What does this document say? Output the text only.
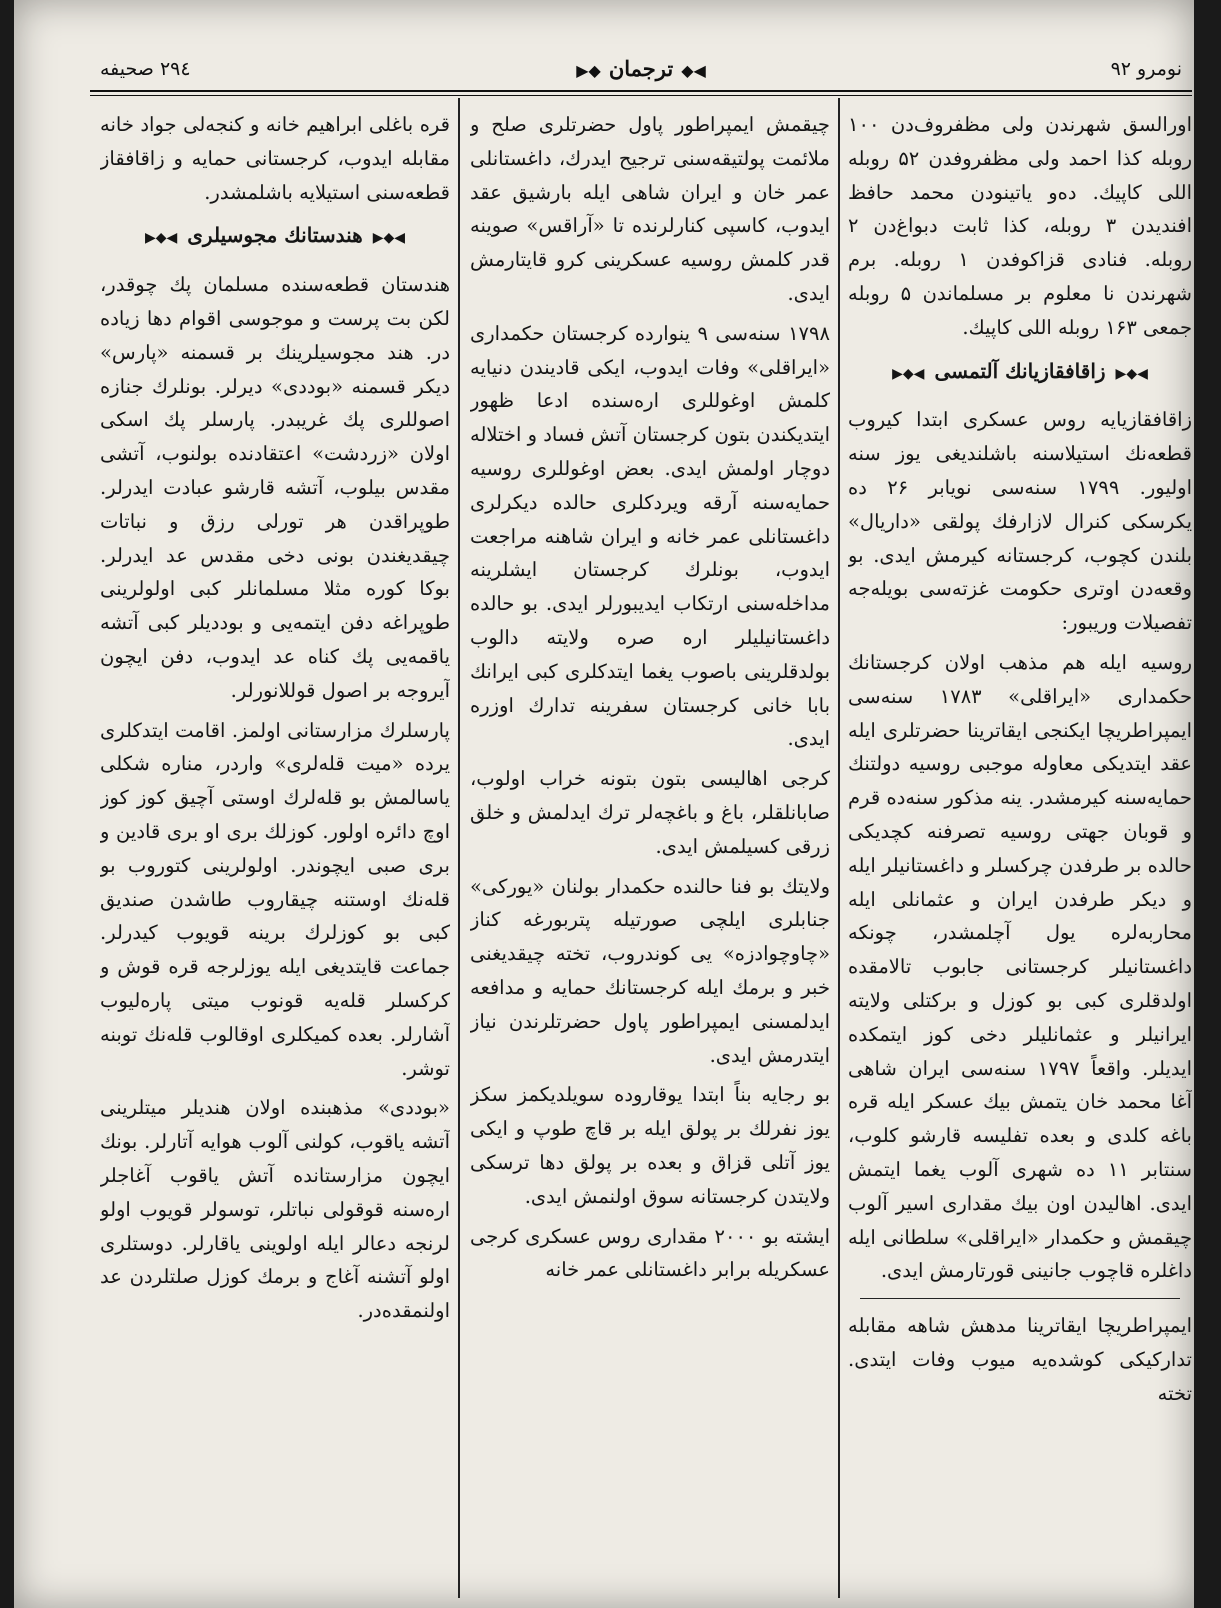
نومرو ۹۲
◀◆ترجمان◆▶
۲۹٤ صحیفه

اورالسق شهرندن ولی مظفروف‌دن ۱۰۰ روبله کذا احمد ولی مظفروفدن ۵۲ روبله اللی کاپیك. ده‌و یاتینودن محمد حافظ افندیدن ۳ روبله، کذا ثابت دبواغ‌دن ۲ روبله. فنادی قزاکوفدن ۱ روبله. برم شهرندن نا معلوم بر مسلماندن ۵ روبله جمعی ۱۶۳ روبله اللی کاپیك.

◀◆▶زاقافقازیانك آلتمسی◀◆▶

زاقافقازیایه روس عسکری ابتدا کیروب قطعه‌نك استیلاسنه باشلندیغی یوز سنه اولیور. ۱۷۹۹ سنه‌سی نویابر ۲۶ ده یکرسکی کنرال لازارفك پولقی «داریال» بلندن کچوب، کرجستانه کیرمش ایدی. بو وقعه‌دن اوتری حکومت غزته‌سی بویله‌جه تفصیلات وریبور:

روسیه ایله هم مذهب اولان کرجستانك حکمداری «ایراقلی» ۱۷۸۳ سنه‌سی ایمپراطریچا ایکنجی ایقاترینا حضرتلری ایله عقد ایتدیکی معاوله موجبی روسیه دولتنك حمایه‌سنه کیرمشدر. ینه مذکور سنه‌ده قرم و قوبان جهتی روسیه تصرفنه کچدیکی حالده بر طرفدن چرکسلر و داغستانیلر ایله و دیکر طرفدن ایران و عثمانلی ایله محاربه‌لره یول آچلمشدر، چونکه داغستانیلر کرجستانی جابوب تالامقده اولدقلری کبی بو کوزل و برکتلی ولایته ایرانیلر و عثمانلیلر دخی کوز ایتمکده ایدیلر. واقعاً ۱۷۹۷ سنه‌سی ایران شاهی آغا محمد خان یتمش بیك عسکر ایله قره باغه کلدی و بعده تفلیسه قارشو کلوب، سنتابر ۱۱ ده شهری آلوب یغما ایتمش ایدی. اهالیدن اون بیك مقداری اسیر آلوب چیقمش و حکمدار «ایراقلی» سلطانی ایله داغلره قاچوب جانینی قورتارمش ایدی.

ایمپراطریچا ایقاترینا مدهش شاهه مقابله تدارکیکی کوشده‌یه میوب وفات ایتدی. تخته

چیقمش ایمپراطور پاول حضرتلری صلح و ملائمت پولتیقه‌سنی ترجیح ایدرك، داغستانلی عمر خان و ایران شاهی ایله بارشیق عقد ایدوب، کاسپی کنارلرنده تا «آراقس» صوینه قدر کلمش روسیه عسکرینی کرو قایتارمش ایدی.

۱۷۹۸ سنه‌سی ۹ ینوارده کرجستان حکمداری «ایراقلی» وفات ایدوب، ایکی قادیندن دنیایه کلمش اوغوللری اره‌سنده ادعا ظهور ایتدیکندن بتون کرجستان آتش فساد و اختلاله دوچار اولمش ایدی. بعض اوغوللری روسیه حمایه‌سنه آرقه ویردکلری حالده دیکرلری داغستانلی عمر خانه و ایران شاهنه مراجعت ایدوب، بونلرك کرجستان ایشلرینه مداخله‌سنی ارتکاب ایدیبورلر ایدی. بو حالده داغستانیلیلر اره صره ولایته دالوب بولدقلرینی باصوب یغما ایتدکلری کبی ایرانك بابا خانی کرجستان سفرینه تدارك اوزره ایدی.

کرجی اهالیسی بتون بتونه خراب اولوب، صابانلقلر، باغ و باغچه‌لر ترك ایدلمش و خلق زرقی کسیلمش ایدی.

ولایتك بو فنا حالنده حکمدار بولنان «یورکی» جنابلری ایلچی صورتیله پتربورغه کناز «چاوچوادزه» یی کوندروب، تخته چیقدیغنی خبر و برمك ایله کرجستانك حمایه و مدافعه ایدلمسنی ایمپراطور پاول حضرتلرندن نیاز ایتدرمش ایدی.

بو رجایه بناً ابتدا یوقاروده سویلدیکمز سکز یوز نفرلك بر پولق ایله بر قاچ طوپ و ایکی یوز آتلی قزاق و بعده بر پولق دها ترسکی ولایتدن کرجستانه سوق اولنمش ایدی.

ایشته بو ۲۰۰۰ مقداری روس عسکری کرجی عسکریله برابر داغستانلی عمر خانه

قره باغلی ابراهیم خانه و کنجه‌لی جواد خانه مقابله ایدوب، کرجستانی حمایه و زاقافقاز قطعه‌سنی استیلایه باشلمشدر.

◀◆▶هندستانك مجوسیلری◀◆▶

هندستان قطعه‌سنده مسلمان پك چوقدر، لکن بت پرست و موجوسی اقوام دها زیاده در. هند مجوسیلرینك بر قسمنه «پارس» دیکر قسمنه «بوددی» دیرلر. بونلرك جنازه اصوللری پك غریبدر. پارسلر پك اسکی اولان «زردشت» اعتقادنده بولنوب، آتشی مقدس بیلوب، آتشه قارشو عبادت ایدرلر. طوپراقدن هر تورلی رزق و نباتات چیقدیغندن بونی دخی مقدس عد ایدرلر. بوکا کوره مثلا مسلمانلر کبی اولولرینی طوپراغه دفن ایتمه‌یی و بوددیلر کبی آتشه یاقمه‌یی پك کناه عد ایدوب، دفن ایچون آیروجه بر اصول قوللانورلر.

پارسلرك مزارستانی اولمز. اقامت ایتدکلری یرده «میت قله‌لری» واردر، مناره شکلی یاسالمش بو قله‌لرك اوستی آچیق کوز کوز اوچ دائره اولور. کوزلك بری او بری قادین و بری صبی ایچوندر. اولولرینی کتوروب بو قله‌نك اوستنه چیقاروب طاشدن صندیق کبی بو کوزلرك برینه قویوب کیدرلر. جماعت قایتدیغی ایله یوزلرجه قره قوش و کرکسلر قله‌یه قونوب میتی پاره‌لیوب آشارلر. بعده کمیکلری اوقالوب قله‌نك توبنه توشر.

«بوددی» مذهبنده اولان هندیلر میتلرینی آتشه یاقوب، کولنی آلوب هوایه آتارلر. بونك ایچون مزارستانده آتش یاقوب آغاجلر اره‌سنه قوقولی نباتلر، توسولر قویوب اولو لرنجه دعالر ایله اولوینی یاقارلر. دوستلری اولو آتشنه آغاج و برمك کوزل صلتلردن عد اولنمقده‌در.
